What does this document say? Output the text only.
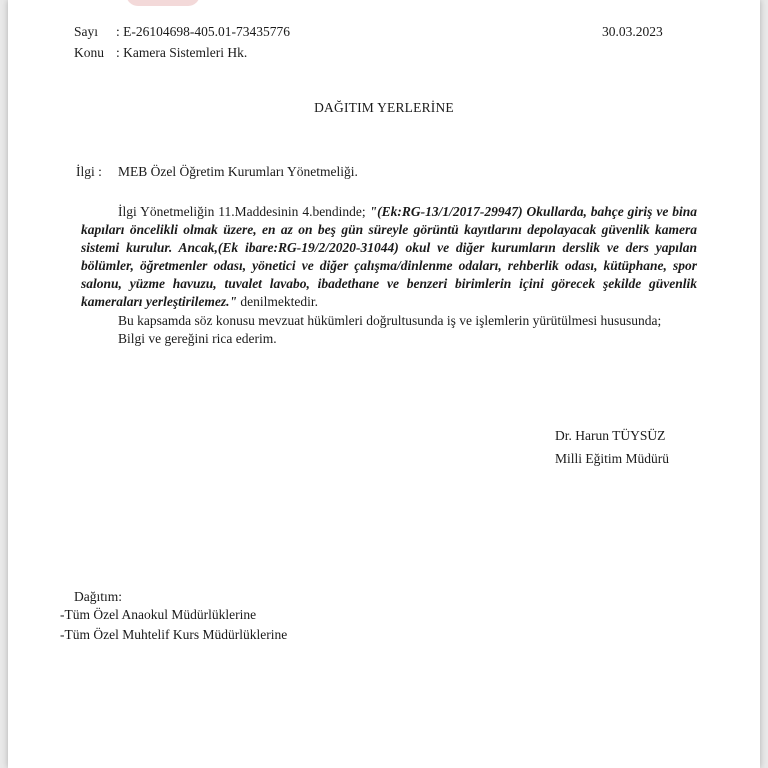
Sayı : E-26104698-405.01-73435776	30.03.2023
Konu : Kamera Sistemleri Hk.
DAĞITIM YERLERİNE
İlgi : MEB Özel Öğretim Kurumları Yönetmeliği.

İlgi Yönetmeliğin 11.Maddesinin 4.bendinde; "(Ek:RG-13/1/2017-29947) Okullarda, bahçe giriş ve bina kapıları öncelikli olmak üzere, en az on beş gün süreyle görüntü kayıtlarını depolayacak güvenlik kamera sistemi kurulur. Ancak,(Ek ibare:RG-19/2/2020-31044) okul ve diğer kurumların derslik ve ders yapılan bölümler, öğretmenler odası, yönetici ve diğer çalışma/dinlenme odaları, rehberlik odası, kütüphane, spor salonu, yüzme havuzu, tuvalet lavabo, ibadethane ve benzeri birimlerin içini görecek şekilde güvenlik kameraları yerleştirilemez." denilmektedir.

Bu kapsamda söz konusu mevzuat hükümleri doğrultusunda iş ve işlemlerin yürütülmesi hususunda;

Bilgi ve gereğini rica ederim.

Dr. Harun TÜYSÜZ
Milli Eğitim Müdürü
Dağıtım:
-Tüm Özel Anaokul Müdürlüklerine
-Tüm Özel Muhtelif Kurs Müdürlüklerine
